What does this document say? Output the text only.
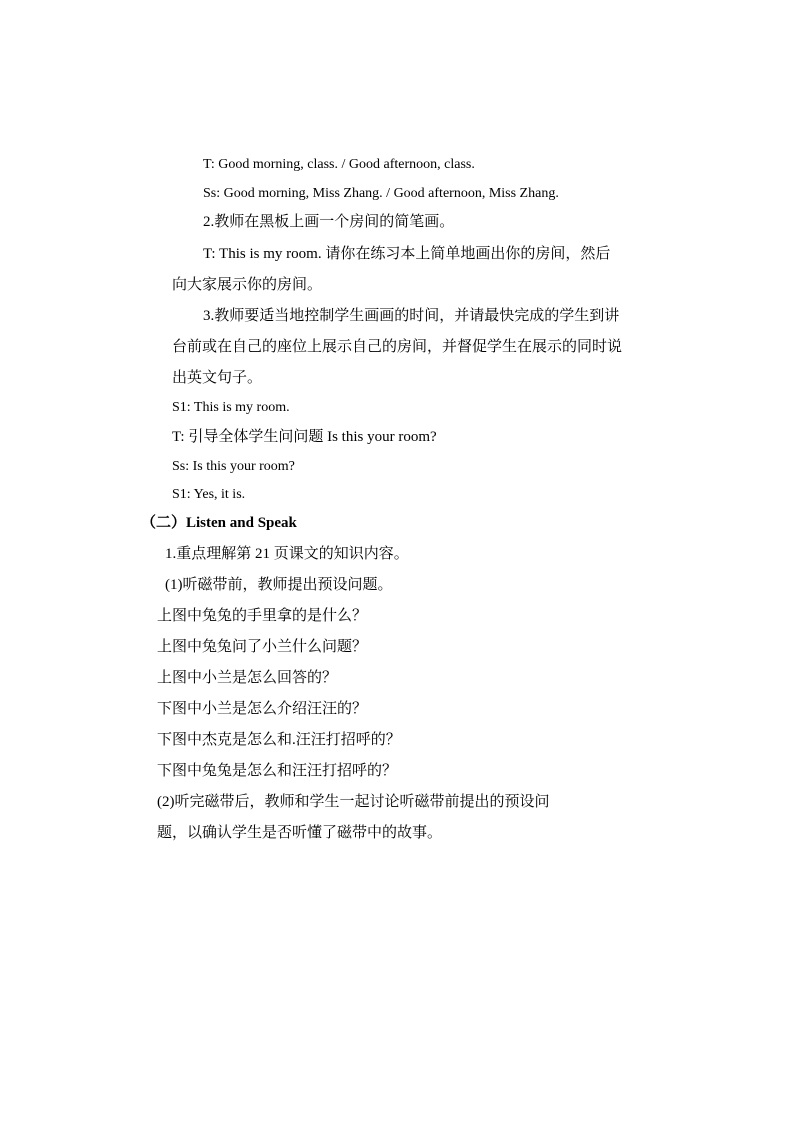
T: Good morning, class. / Good afternoon, class.
Ss: Good morning, Miss Zhang. / Good afternoon, Miss Zhang.
2.教师在黑板上画一个房间的简笔画。
T: This is my room. 请你在练习本上简单地画出你的房间，然后
向大家展示你的房间。
3.教师要适当地控制学生画画的时间，并请最快完成的学生到讲
台前或在自己的座位上展示自己的房间，并督促学生在展示的同时说
出英文句子。
S1: This is my room.
T: 引导全体学生问问题 Is this your room?
Ss: Is this your room?
S1: Yes, it is.
（二）Listen and Speak
1.重点理解第 21 页课文的知识内容。
(1)听磁带前，教师提出预设问题。
上图中兔兔的手里拿的是什么？
上图中兔兔问了小兰什么问题？
上图中小兰是怎么回答的？
下图中小兰是怎么介绍汪汪的？
下图中杰克是怎么和.汪汪打招呼的？
下图中兔兔是怎么和汪汪打招呼的？
(2)听完磁带后，教师和学生一起讨论听磁带前提出的预设问
题，以确认学生是否听懂了磁带中的故事。
